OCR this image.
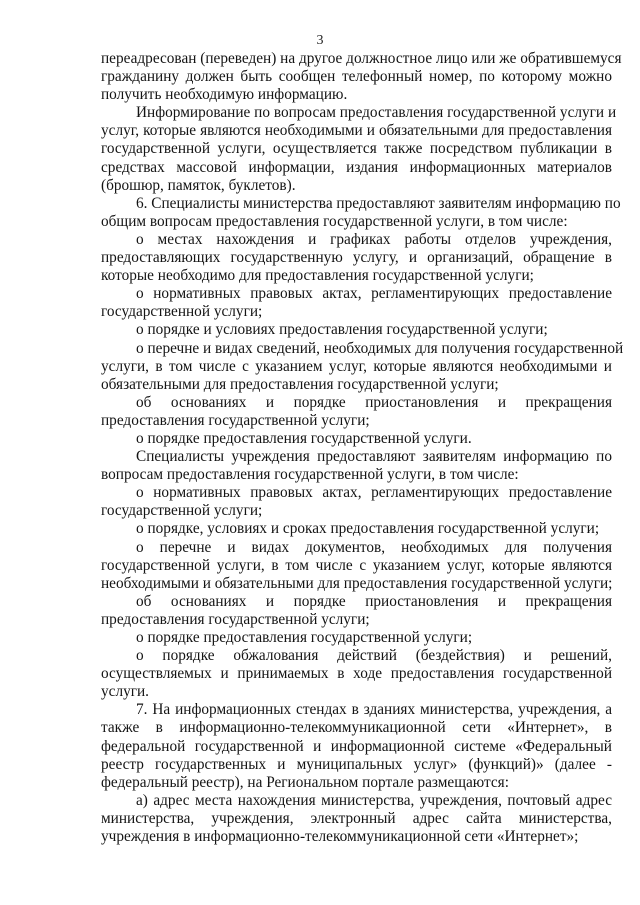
3
переадресован (переведен) на другое должностное лицо или же обратившемуся
гражданину должен быть сообщен телефонный номер, по которому можно
получить необходимую информацию.
Информирование по вопросам предоставления государственной услуги и
услуг, которые являются необходимыми и обязательными для предоставления
государственной услуги, осуществляется также посредством публикации в
средствах массовой информации, издания информационных материалов
(брошюр, памяток, буклетов).
6. Специалисты министерства предоставляют заявителям информацию по
общим вопросам предоставления государственной услуги, в том числе:
о местах нахождения и графиках работы отделов учреждения,
предоставляющих государственную услугу, и организаций, обращение в
которые необходимо для предоставления государственной услуги;
о нормативных правовых актах, регламентирующих предоставление
государственной услуги;
о порядке и условиях предоставления государственной услуги;
о перечне и видах сведений, необходимых для получения государственной
услуги, в том числе с указанием услуг, которые являются необходимыми и
обязательными для предоставления государственной услуги;
об основаниях и порядке приостановления и прекращения
предоставления государственной услуги;
о порядке предоставления государственной услуги.
Специалисты учреждения предоставляют заявителям информацию по
вопросам предоставления государственной услуги, в том числе:
о нормативных правовых актах, регламентирующих предоставление
государственной услуги;
о порядке, условиях и сроках предоставления государственной услуги;
о перечне и видах документов, необходимых для получения
государственной услуги, в том числе с указанием услуг, которые являются
необходимыми и обязательными для предоставления государственной услуги;
об основаниях и порядке приостановления и прекращения
предоставления государственной услуги;
о порядке предоставления государственной услуги;
о порядке обжалования действий (бездействия) и решений,
осуществляемых и принимаемых в ходе предоставления государственной
услуги.
7. На информационных стендах в зданиях министерства, учреждения, а
также в информационно-телекоммуникационной сети «Интернет», в
федеральной государственной и информационной системе «Федеральный
реестр государственных и муниципальных услуг» (функций)» (далее -
федеральный реестр), на Региональном портале размещаются:
а) адрес места нахождения министерства, учреждения, почтовый адрес
министерства, учреждения, электронный адрес сайта министерства,
учреждения в информационно-телекоммуникационной сети «Интернет»;
